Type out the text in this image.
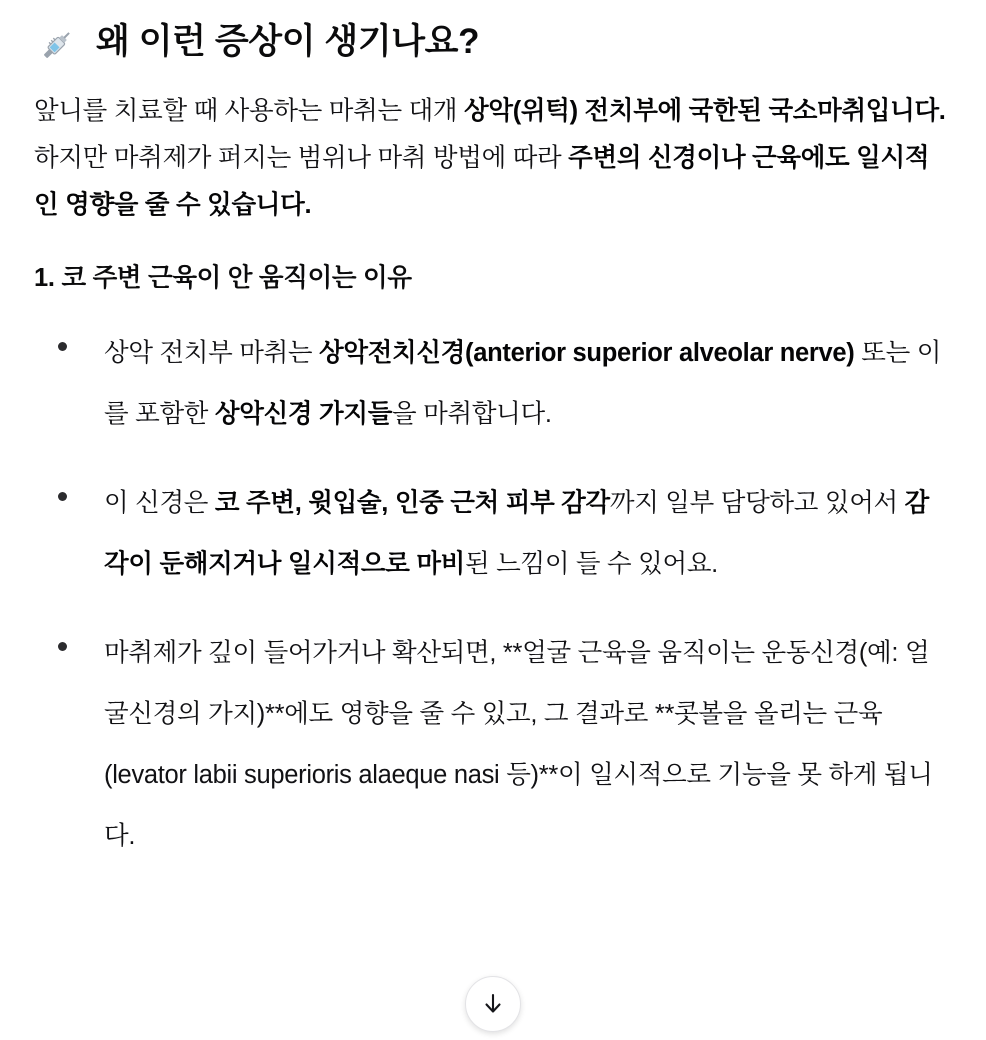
왜 이런 증상이 생기나요?

앞니를 치료할 때 사용하는 마취는 대개 상악(위턱) 전치부에 국한된 국소마취입니다. 하지만 마취제가 퍼지는 범위나 마취 방법에 따라 주변의 신경이나 근육에도 일시적인 영향을 줄 수 있습니다.

1. 코 주변 근육이 안 움직이는 이유
상악 전치부 마취는 상악전치신경(anterior superior alveolar nerve) 또는 이를 포함한 상악신경 가지들을 마취합니다.
이 신경은 코 주변, 윗입술, 인중 근처 피부 감각까지 일부 담당하고 있어서 감각이 둔해지거나 일시적으로 마비된 느낌이 들 수 있어요.
마취제가 깊이 들어가거나 확산되면, **얼굴 근육을 움직이는 운동신경(예: 얼굴신경의 가지)**에도 영향을 줄 수 있고, 그 결과로 **콧볼을 올리는 근육(levator labii superioris alaeque nasi 등)**이 일시적으로 기능을 못 하게 됩니다.
